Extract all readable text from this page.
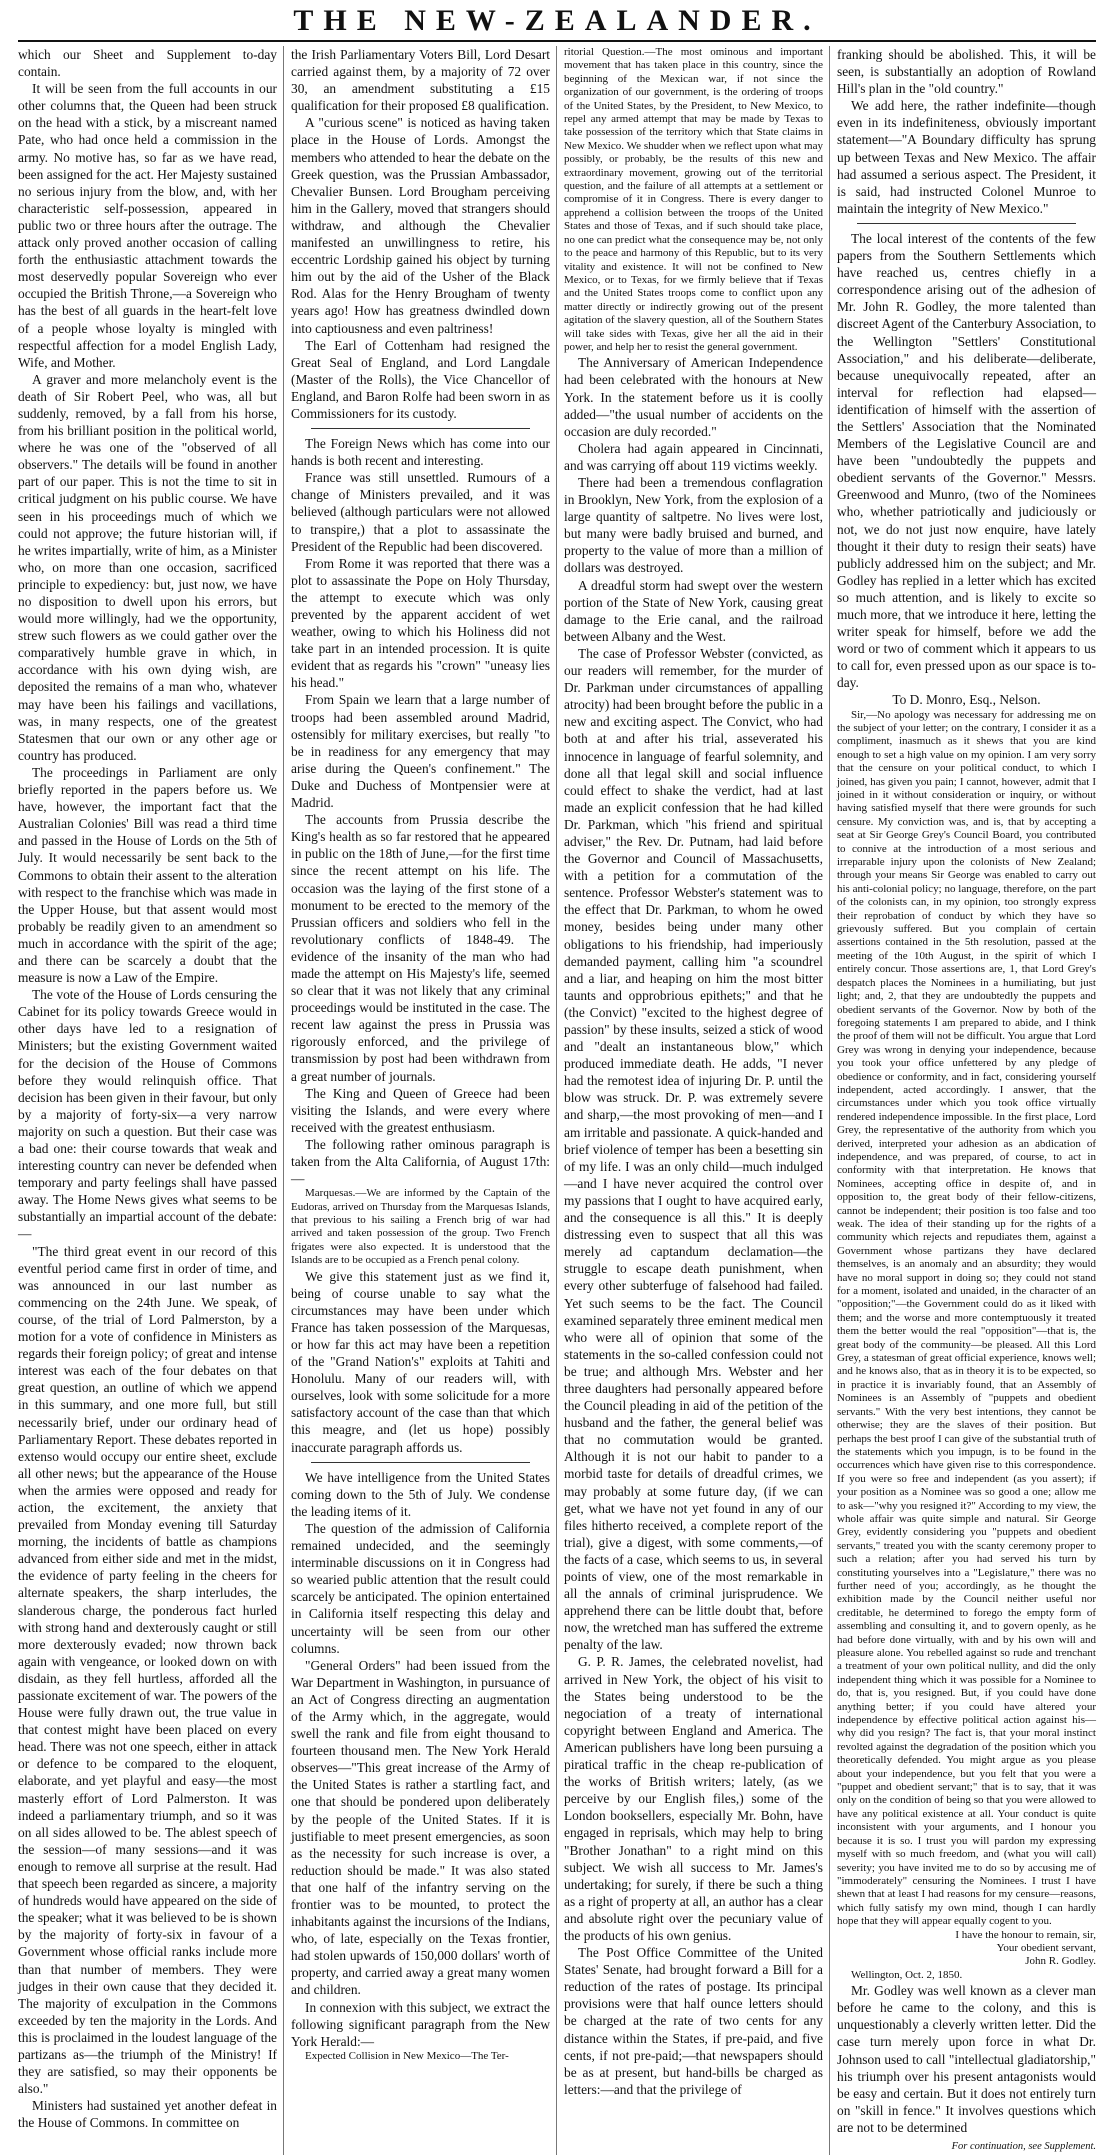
THE NEW-ZEALANDER.

which our Sheet and Supplement to-day contain.

It will be seen from the full accounts in our other columns that, the Queen had been struck on the head with a stick, by a miscreant named Pate, who had once held a commission in the army. No motive has, so far as we have read, been assigned for the act. Her Majesty sustained no serious injury from the blow, and, with her characteristic self-possession, appeared in public two or three hours after the outrage. The attack only proved another occasion of calling forth the enthusiastic attachment towards the most deservedly popular Sovereign who ever occupied the British Throne,—a Sovereign who has the best of all guards in the heart-felt love of a people whose loyalty is mingled with respectful affection for a model English Lady, Wife, and Mother.

A graver and more melancholy event is the death of Sir Robert Peel, who was, all but suddenly, removed, by a fall from his horse, from his brilliant position in the political world, where he was one of the "observed of all observers." The details will be found in another part of our paper. This is not the time to sit in critical judgment on his public course. We have seen in his proceedings much of which we could not approve; the future historian will, if he writes impartially, write of him, as a Minister who, on more than one occasion, sacrificed principle to expediency: but, just now, we have no disposition to dwell upon his errors, but would more willingly, had we the opportunity, strew such flowers as we could gather over the comparatively humble grave in which, in accordance with his own dying wish, are deposited the remains of a man who, whatever may have been his failings and vacillations, was, in many respects, one of the greatest Statesmen that our own or any other age or country has produced.

The proceedings in Parliament are only briefly reported in the papers before us. We have, however, the important fact that the Australian Colonies' Bill was read a third time and passed in the House of Lords on the 5th of July. It would necessarily be sent back to the Commons to obtain their assent to the alteration with respect to the franchise which was made in the Upper House, but that assent would most probably be readily given to an amendment so much in accordance with the spirit of the age; and there can be scarcely a doubt that the measure is now a Law of the Empire.

The vote of the House of Lords censuring the Cabinet for its policy towards Greece would in other days have led to a resignation of Ministers; but the existing Government waited for the decision of the House of Commons before they would relinquish office. That decision has been given in their favour, but only by a majority of forty-six—a very narrow majority on such a question. But their case was a bad one: their course towards that weak and interesting country can never be defended when temporary and party feelings shall have passed away. The Home News gives what seems to be substantially an impartial account of the debate:—

"The third great event in our record of this eventful period came first in order of time, and was announced in our last number as commencing on the 24th June. We speak, of course, of the trial of Lord Palmerston, by a motion for a vote of confidence in Ministers as regards their foreign policy; of great and intense interest was each of the four debates on that great question, an outline of which we append in this summary, and one more full, but still necessarily brief, under our ordinary head of Parliamentary Report. These debates reported in extenso would occupy our entire sheet, exclude all other news; but the appearance of the House when the armies were opposed and ready for action, the excitement, the anxiety that prevailed from Monday evening till Saturday morning, the incidents of battle as champions advanced from either side and met in the midst, the evidence of party feeling in the cheers for alternate speakers, the sharp interludes, the slanderous charge, the ponderous fact hurled with strong hand and dexterously caught or still more dexterously evaded; now thrown back again with vengeance, or looked down on with disdain, as they fell hurtless, afforded all the passionate excitement of war. The powers of the House were fully drawn out, the true value in that contest might have been placed on every head. There was not one speech, either in attack or defence to be compared to the eloquent, elaborate, and yet playful and easy—the most masterly effort of Lord Palmerston. It was indeed a parliamentary triumph, and so it was on all sides allowed to be. The ablest speech of the session—of many sessions—and it was enough to remove all surprise at the result. Had that speech been regarded as sincere, a majority of hundreds would have appeared on the side of the speaker; what it was believed to be is shown by the majority of forty-six in favour of a Government whose official ranks include more than that number of members. They were judges in their own cause that they decided it. The majority of exculpation in the Commons exceeded by ten the majority in the Lords. And this is proclaimed in the loudest language of the partizans as—the triumph of the Ministry! If they are satisfied, so may their opponents be also."

Ministers had sustained yet another defeat in the House of Commons. In committee on

the Irish Parliamentary Voters Bill, Lord Desart carried against them, by a majority of 72 over 30, an amendment substituting a £15 qualification for their proposed £8 qualification.

A "curious scene" is noticed as having taken place in the House of Lords. Amongst the members who attended to hear the debate on the Greek question, was the Prussian Ambassador, Chevalier Bunsen. Lord Brougham perceiving him in the Gallery, moved that strangers should withdraw, and although the Chevalier manifested an unwillingness to retire, his eccentric Lordship gained his object by turning him out by the aid of the Usher of the Black Rod. Alas for the Henry Brougham of twenty years ago! How has greatness dwindled down into captiousness and even paltriness!

The Earl of Cottenham had resigned the Great Seal of England, and Lord Langdale (Master of the Rolls), the Vice Chancellor of England, and Baron Rolfe had been sworn in as Commissioners for its custody.

The Foreign News which has come into our hands is both recent and interesting.

France was still unsettled. Rumours of a change of Ministers prevailed, and it was believed (although particulars were not allowed to transpire,) that a plot to assassinate the President of the Republic had been discovered.

From Rome it was reported that there was a plot to assassinate the Pope on Holy Thursday, the attempt to execute which was only prevented by the apparent accident of wet weather, owing to which his Holiness did not take part in an intended procession. It is quite evident that as regards his "crown" "uneasy lies his head."

From Spain we learn that a large number of troops had been assembled around Madrid, ostensibly for military exercises, but really "to be in readiness for any emergency that may arise during the Queen's confinement." The Duke and Duchess of Montpensier were at Madrid.

The accounts from Prussia describe the King's health as so far restored that he appeared in public on the 18th of June,—for the first time since the recent attempt on his life. The occasion was the laying of the first stone of a monument to be erected to the memory of the Prussian officers and soldiers who fell in the revolutionary conflicts of 1848-49. The evidence of the insanity of the man who had made the attempt on His Majesty's life, seemed so clear that it was not likely that any criminal proceedings would be instituted in the case. The recent law against the press in Prussia was rigorously enforced, and the privilege of transmission by post had been withdrawn from a great number of journals.

The King and Queen of Greece had been visiting the Islands, and were every where received with the greatest enthusiasm.

The following rather ominous paragraph is taken from the Alta California, of August 17th:—

Marquesas.—We are informed by the Captain of the Eudoras, arrived on Thursday from the Marquesas Islands, that previous to his sailing a French brig of war had arrived and taken possession of the group. Two French frigates were also expected. It is understood that the Islands are to be occupied as a French penal colony.

We give this statement just as we find it, being of course unable to say what the circumstances may have been under which France has taken possession of the Marquesas, or how far this act may have been a repetition of the "Grand Nation's" exploits at Tahiti and Honolulu. Many of our readers will, with ourselves, look with some solicitude for a more satisfactory account of the case than that which this meagre, and (let us hope) possibly inaccurate paragraph affords us.

We have intelligence from the United States coming down to the 5th of July. We condense the leading items of it.

The question of the admission of California remained undecided, and the seemingly interminable discussions on it in Congress had so wearied public attention that the result could scarcely be anticipated. The opinion entertained in California itself respecting this delay and uncertainty will be seen from our other columns.

"General Orders" had been issued from the War Department in Washington, in pursuance of an Act of Congress directing an augmentation of the Army which, in the aggregate, would swell the rank and file from eight thousand to fourteen thousand men. The New York Herald observes—"This great increase of the Army of the United States is rather a startling fact, and one that should be pondered upon deliberately by the people of the United States. If it is justifiable to meet present emergencies, as soon as the necessity for such increase is over, a reduction should be made." It was also stated that one half of the infantry serving on the frontier was to be mounted, to protect the inhabitants against the incursions of the Indians, who, of late, especially on the Texas frontier, had stolen upwards of 150,000 dollars' worth of property, and carried away a great many women and children.

In connexion with this subject, we extract the following significant paragraph from the New York Herald:—

Expected Collision in New Mexico—The Ter-

ritorial Question.—The most ominous and important movement that has taken place in this country, since the beginning of the Mexican war, if not since the organization of our government, is the ordering of troops of the United States, by the President, to New Mexico, to repel any armed attempt that may be made by Texas to take possession of the territory which that State claims in New Mexico. We shudder when we reflect upon what may possibly, or probably, be the results of this new and extraordinary movement, growing out of the territorial question, and the failure of all attempts at a settlement or compromise of it in Congress. There is every danger to apprehend a collision between the troops of the United States and those of Texas, and if such should take place, no one can predict what the consequence may be, not only to the peace and harmony of this Republic, but to its very vitality and existence. It will not be confined to New Mexico, or to Texas, for we firmly believe that if Texas and the United States troops come to conflict upon any matter directly or indirectly growing out of the present agitation of the slavery question, all of the Southern States will take sides with Texas, give her all the aid in their power, and help her to resist the general government.

The Anniversary of American Independence had been celebrated with the honours at New York. In the statement before us it is coolly added—"the usual number of accidents on the occasion are duly recorded."

Cholera had again appeared in Cincinnati, and was carrying off about 119 victims weekly.

There had been a tremendous conflagration in Brooklyn, New York, from the explosion of a large quantity of saltpetre. No lives were lost, but many were badly bruised and burned, and property to the value of more than a million of dollars was destroyed.

A dreadful storm had swept over the western portion of the State of New York, causing great damage to the Erie canal, and the railroad between Albany and the West.

The case of Professor Webster (convicted, as our readers will remember, for the murder of Dr. Parkman under circumstances of appalling atrocity) had been brought before the public in a new and exciting aspect. The Convict, who had both at and after his trial, asseverated his innocence in language of fearful solemnity, and done all that legal skill and social influence could effect to shake the verdict, had at last made an explicit confession that he had killed Dr. Parkman, which "his friend and spiritual adviser," the Rev. Dr. Putnam, had laid before the Governor and Council of Massachusetts, with a petition for a commutation of the sentence. Professor Webster's statement was to the effect that Dr. Parkman, to whom he owed money, besides being under many other obligations to his friendship, had imperiously demanded payment, calling him "a scoundrel and a liar, and heaping on him the most bitter taunts and opprobrious epithets;" and that he (the Convict) "excited to the highest degree of passion" by these insults, seized a stick of wood and "dealt an instantaneous blow," which produced immediate death. He adds, "I never had the remotest idea of injuring Dr. P. until the blow was struck. Dr. P. was extremely severe and sharp,—the most provoking of men—and I am irritable and passionate. A quick-handed and brief violence of temper has been a besetting sin of my life. I was an only child—much indulged—and I have never acquired the control over my passions that I ought to have acquired early, and the consequence is all this." It is deeply distressing even to suspect that all this was merely ad captandum declamation—the struggle to escape death punishment, when every other subterfuge of falsehood had failed. Yet such seems to be the fact. The Council examined separately three eminent medical men who were all of opinion that some of the statements in the so-called confession could not be true; and although Mrs. Webster and her three daughters had personally appeared before the Council pleading in aid of the petition of the husband and the father, the general belief was that no commutation would be granted. Although it is not our habit to pander to a morbid taste for details of dreadful crimes, we may probably at some future day, (if we can get, what we have not yet found in any of our files hitherto received, a complete report of the trial), give a digest, with some comments,—of the facts of a case, which seems to us, in several points of view, one of the most remarkable in all the annals of criminal jurisprudence. We apprehend there can be little doubt that, before now, the wretched man has suffered the extreme penalty of the law.

G. P. R. James, the celebrated novelist, had arrived in New York, the object of his visit to the States being understood to be the negociation of a treaty of international copyright between England and America. The American publishers have long been pursuing a piratical traffic in the cheap re-publication of the works of British writers; lately, (as we perceive by our English files,) some of the London booksellers, especially Mr. Bohn, have engaged in reprisals, which may help to bring "Brother Jonathan" to a right mind on this subject. We wish all success to Mr. James's undertaking; for surely, if there be such a thing as a right of property at all, an author has a clear and absolute right over the pecuniary value of the products of his own genius.

The Post Office Committee of the United States' Senate, had brought forward a Bill for a reduction of the rates of postage. Its principal provisions were that half ounce letters should be charged at the rate of two cents for any distance within the States, if pre-paid, and five cents, if not pre-paid;—that newspapers should be as at present, but hand-bills be charged as letters:—and that the privilege of

franking should be abolished. This, it will be seen, is substantially an adoption of Rowland Hill's plan in the "old country."

We add here, the rather indefinite—though even in its indefiniteness, obviously important statement—"A Boundary difficulty has sprung up between Texas and New Mexico. The affair had assumed a serious aspect. The President, it is said, had instructed Colonel Munroe to maintain the integrity of New Mexico."

The local interest of the contents of the few papers from the Southern Settlements which have reached us, centres chiefly in a correspondence arising out of the adhesion of Mr. John R. Godley, the more talented than discreet Agent of the Canterbury Association, to the Wellington "Settlers' Constitutional Association," and his deliberate—deliberate, because unequivocally repeated, after an interval for reflection had elapsed—identification of himself with the assertion of the Settlers' Association that the Nominated Members of the Legislative Council are and have been "undoubtedly the puppets and obedient servants of the Governor." Messrs. Greenwood and Munro, (two of the Nominees who, whether patriotically and judiciously or not, we do not just now enquire, have lately thought it their duty to resign their seats) have publicly addressed him on the subject; and Mr. Godley has replied in a letter which has excited so much attention, and is likely to excite so much more, that we introduce it here, letting the writer speak for himself, before we add the word or two of comment which it appears to us to call for, even pressed upon as our space is to-day.

To D. Monro, Esq., Nelson.

Sir,—No apology was necessary for addressing me on the subject of your letter; on the contrary, I consider it as a compliment, inasmuch as it shews that you are kind enough to set a high value on my opinion. I am very sorry that the censure on your political conduct, to which I joined, has given you pain; I cannot, however, admit that I joined in it without consideration or inquiry, or without having satisfied myself that there were grounds for such censure. My conviction was, and is, that by accepting a seat at Sir George Grey's Council Board, you contributed to connive at the introduction of a most serious and irreparable injury upon the colonists of New Zealand; through your means Sir George was enabled to carry out his anti-colonial policy; no language, therefore, on the part of the colonists can, in my opinion, too strongly express their reprobation of conduct by which they have so grievously suffered. But you complain of certain assertions contained in the 5th resolution, passed at the meeting of the 10th August, in the spirit of which I entirely concur. Those assertions are, 1, that Lord Grey's despatch places the Nominees in a humiliating, but just light; and, 2, that they are undoubtedly the puppets and obedient servants of the Governor. Now by both of the foregoing statements I am prepared to abide, and I think the proof of them will not be difficult. You argue that Lord Grey was wrong in denying your independence, because you took your office unfettered by any pledge of obedience or conformity, and in fact, considering yourself independent, acted accordingly. I answer, that the circumstances under which you took office virtually rendered independence impossible. In the first place, Lord Grey, the representative of the authority from which you derived, interpreted your adhesion as an abdication of independence, and was prepared, of course, to act in conformity with that interpretation. He knows that Nominees, accepting office in despite of, and in opposition to, the great body of their fellow-citizens, cannot be independent; their position is too false and too weak. The idea of their standing up for the rights of a community which rejects and repudiates them, against a Government whose partizans they have declared themselves, is an anomaly and an absurdity; they would have no moral support in doing so; they could not stand for a moment, isolated and unaided, in the character of an "opposition;"—the Government could do as it liked with them; and the worse and more contemptuously it treated them the better would the real "opposition"—that is, the great body of the community—be pleased. All this Lord Grey, a statesman of great official experience, knows well; and he knows also, that as in theory it is to be expected, so in practice it is invariably found, that an Assembly of Nominees is an Assembly of "puppets and obedient servants." With the very best intentions, they cannot be otherwise; they are the slaves of their position. But perhaps the best proof I can give of the substantial truth of the statements which you impugn, is to be found in the occurrences which have given rise to this correspondence. If you were so free and independent (as you assert); if your position as a Nominee was so good a one; allow me to ask—"why you resigned it?" According to my view, the whole affair was quite simple and natural. Sir George Grey, evidently considering you "puppets and obedient servants," treated you with the scanty ceremony proper to such a relation; after you had served his turn by constituting yourselves into a "Legislature," there was no further need of you; accordingly, as he thought the exhibition made by the Council neither useful nor creditable, he determined to forego the empty form of assembling and consulting it, and to govern openly, as he had before done virtually, with and by his own will and pleasure alone. You rebelled against so rude and trenchant a treatment of your own political nullity, and did the only independent thing which it was possible for a Nominee to do, that is, you resigned. But, if you could have done anything better; if you could have altered your independence by effective political action against his—why did you resign? The fact is, that your moral instinct revolted against the degradation of the position which you theoretically defended. You might argue as you please about your independence, but you felt that you were a "puppet and obedient servant;" that is to say, that it was only on the condition of being so that you were allowed to have any political existence at all. Your conduct is quite inconsistent with your arguments, and I honour you because it is so. I trust you will pardon my expressing myself with so much freedom, and (what you will call) severity; you have invited me to do so by accusing me of "immoderately" censuring the Nominees. I trust I have shewn that at least I had reasons for my censure—reasons, which fully satisfy my own mind, though I can hardly hope that they will appear equally cogent to you.

I have the honour to remain, sir,

Your obedient servant,

John R. Godley.

Wellington, Oct. 2, 1850.

Mr. Godley was well known as a clever man before he came to the colony, and this is unquestionably a cleverly written letter. Did the case turn merely upon force in what Dr. Johnson used to call "intellectual gladiatorship," his triumph over his present antagonists would be easy and certain. But it does not entirely turn on "skill in fence." It involves questions which are not to be determined

For continuation, see Supplement.
